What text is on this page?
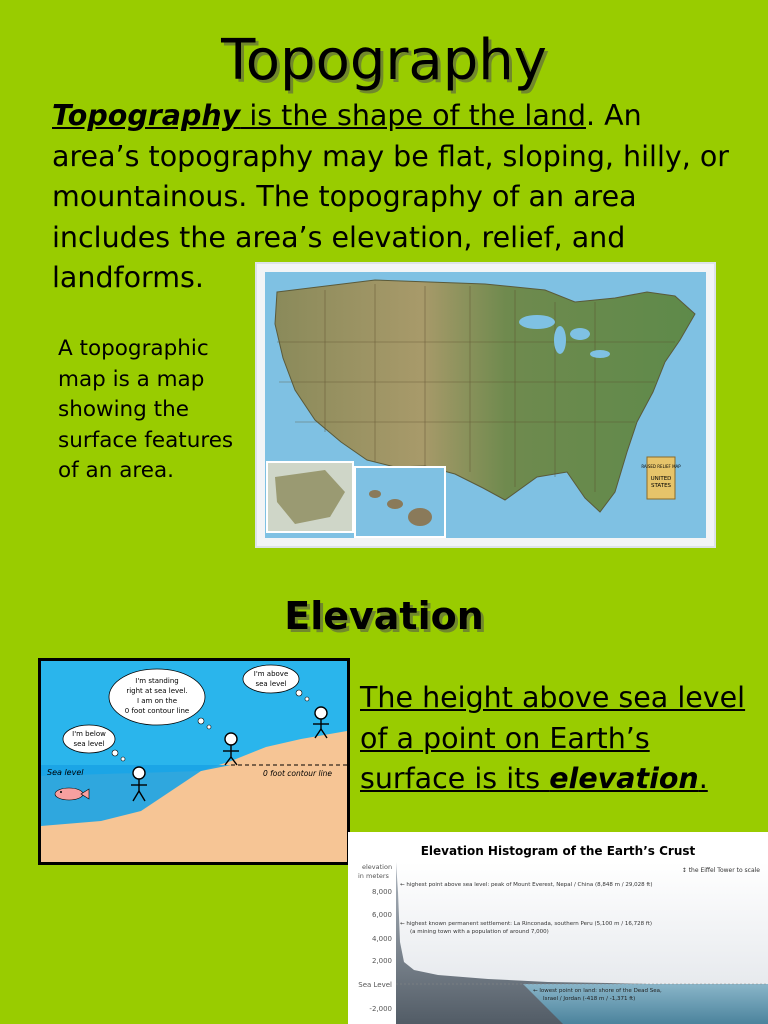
Topography
Topography is the shape of the land. An area’s topography may be flat, sloping, hilly, or mountainous. The topography of an area includes the area’s elevation, relief, and landforms.
A topographic map is a map showing the surface features of an area.	RAISED RELIEF MAP
UNITED
STATES
Elevation
Sea level	0 foot contour line
I'm standing
right at sea level.
I am on the
0 foot contour line
I'm above
sea level
I'm below
sea level
The height above sea level of a point on Earth’s surface is its elevation.
Elevation Histogram of the Earth’s Crust
elevation
in meters
8,000
6,000
4,000
2,000
Sea Level
-2,000
↕ the Eiffel Tower to scale
← highest point above sea level: peak of Mount Everest, Nepal / China (8,848 m / 29,028 ft)
← highest known permanent settlement: La Rinconada, southern Peru (5,100 m / 16,728 ft)
(a mining town with a population of around 7,000)
← lowest point on land: shore of the Dead Sea,
Israel / Jordan (-418 m / -1,371 ft)
